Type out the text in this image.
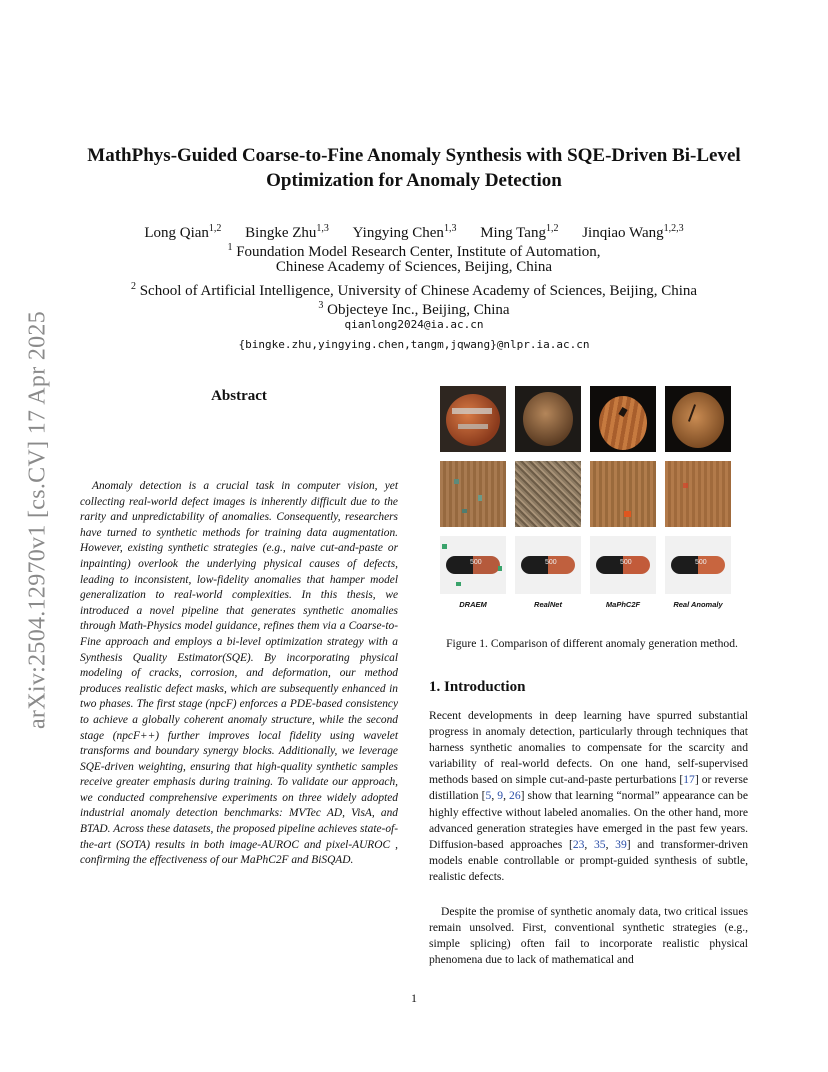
arXiv:2504.12970v1 [cs.CV] 17 Apr 2025
MathPhys-Guided Coarse-to-Fine Anomaly Synthesis with SQE-Driven Bi-Level
Optimization for Anomaly Detection
Long Qian$^{1,2}$ Bingke Zhu$^{1,3}$ Yingying Chen$^{1,3}$ Ming Tang$^{1,2}$ Jinqiao Wang$^{1,2,3}$
$^1$ Foundation Model Research Center, Institute of Automation,
Chinese Academy of Sciences, Beijing, China
$^2$ School of Artificial Intelligence, University of Chinese Academy of Sciences, Beijing, China
$^3$ Objecteye Inc., Beijing, China
qianlong2024@ia.ac.cn
{bingke.zhu,yingying.chen,tangm,jqwang}@nlpr.ia.ac.cn
Abstract

Anomaly detection is a crucial task in computer vision, yet collecting real-world defect images is inherently difficult due to the rarity and unpredictability of anomalies. Consequently, researchers have turned to synthetic methods for training data augmentation. However, existing synthetic strategies (e.g., naive cut-and-paste or inpainting) overlook the underlying physical causes of defects, leading to inconsistent, low-fidelity anomalies that hamper model generalization to real-world complexities. In this thesis, we introduced a novel pipeline that generates synthetic anomalies through Math-Physics model guidance, refines them via a Coarse-to-Fine approach and employs a bi-level optimization strategy with a Synthesis Quality Estimator(SQE). By incorporating physical modeling of cracks, corrosion, and deformation, our method produces realistic defect masks, which are subsequently enhanced in two phases. The first stage (npcF) enforces a PDE-based consistency to achieve a globally coherent anomaly structure, while the second stage (npcF++) further improves local fidelity using wavelet transforms and boundary synergy blocks. Additionally, we leverage SQE-driven weighting, ensuring that high-quality synthetic samples receive greater emphasis during training. To validate our approach, we conducted comprehensive experiments on three widely adopted industrial anomaly detection benchmarks: MVTec AD, VisA, and BTAD. Across these datasets, the proposed pipeline achieves state-of-the-art (SOTA) results in both image-AUROC and pixel-AUROC , confirming the effectiveness of our MaPhC2F and BiSQAD.

500	500	500	500
DRAEM	RealNet	MaPhC2F	Real Anomaly
Figure 1. Comparison of different anomaly generation method.
1. Introduction

Recent developments in deep learning have spurred substantial progress in anomaly detection, particularly through techniques that harness synthetic anomalies to compensate for the scarcity and variability of real-world defects. On one hand, self-supervised methods based on simple cut-and-paste perturbations [17] or reverse distillation [5, 9, 26] show that learning “normal” appearance can be highly effective without labeled anomalies. On the other hand, more advanced generation strategies have emerged in the past few years. Diffusion-based approaches [23, 35, 39] and transformer-driven models enable controllable or prompt-guided synthesis of subtle, realistic defects.

Despite the promise of synthetic anomaly data, two critical issues remain unsolved. First, conventional synthetic strategies (e.g., simple splicing) often fail to incorporate realistic physical phenomena due to lack of mathematical and

1
